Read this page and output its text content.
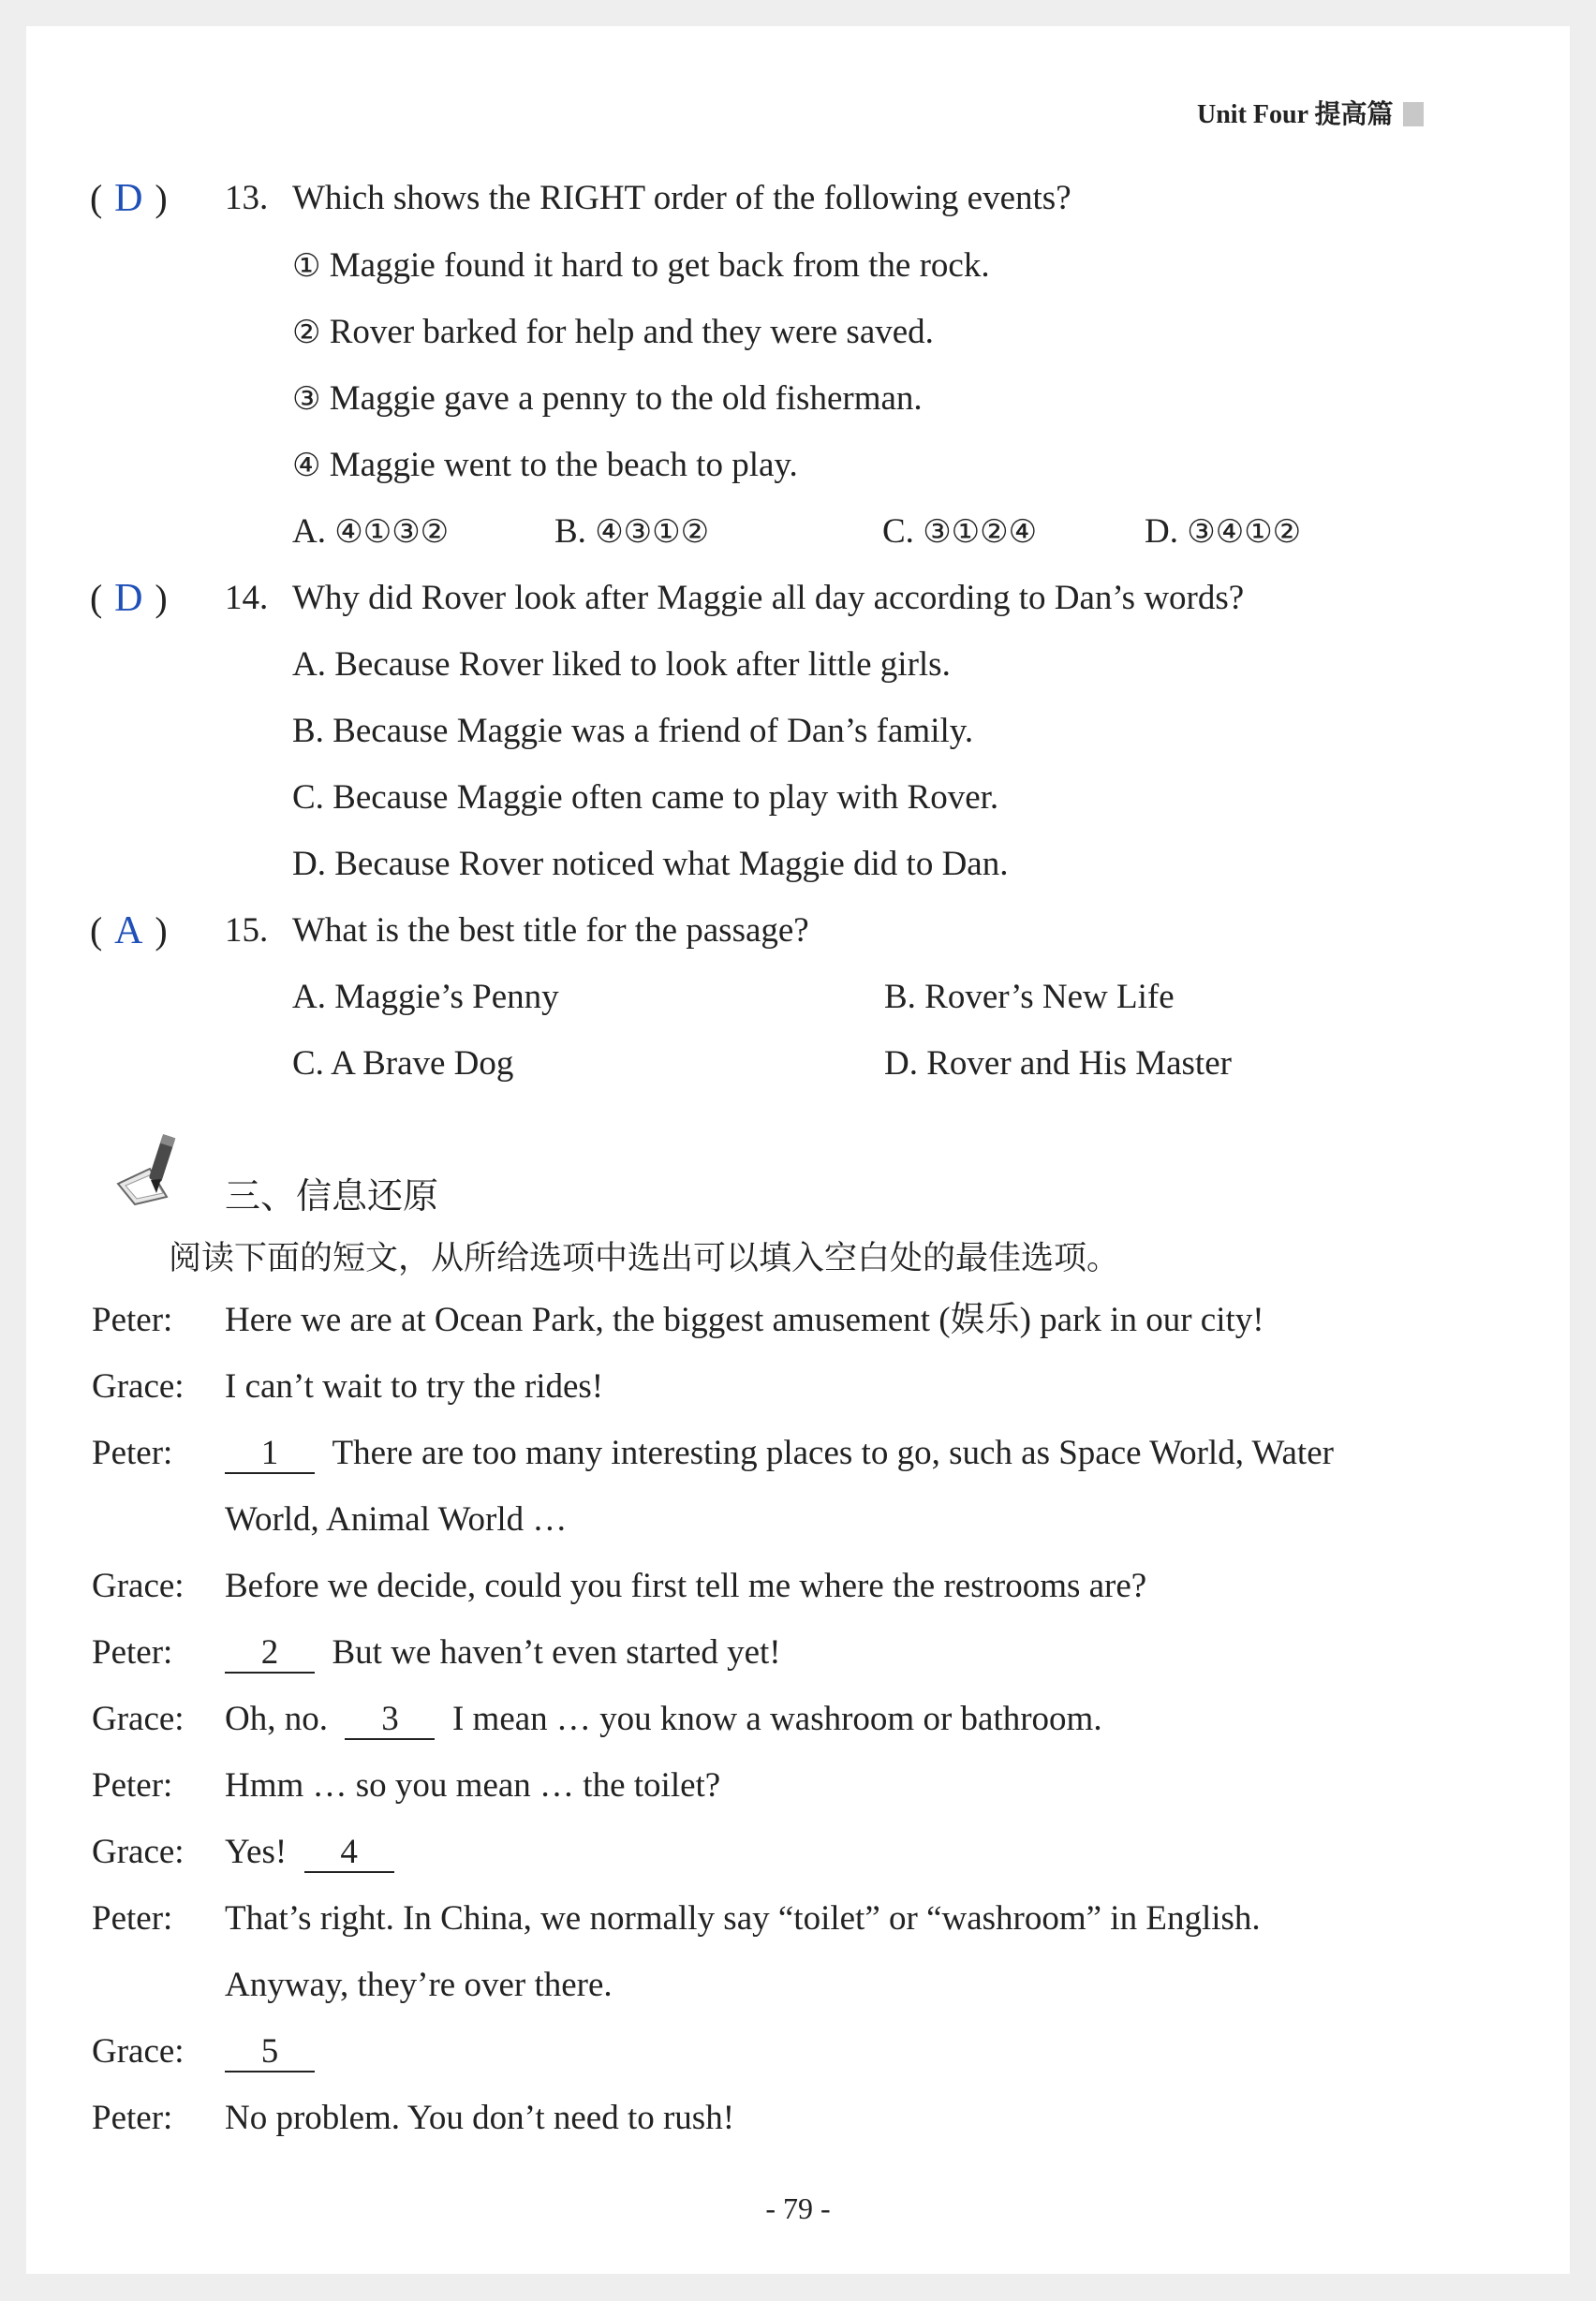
Unit Four 提高篇
( D ) 13. Which shows the RIGHT order of the following events?
① Maggie found it hard to get back from the rock.
② Rover barked for help and they were saved.
③ Maggie gave a penny to the old fisherman.
④ Maggie went to the beach to play.
A. ④①③②	B. ④③①②	C. ③①②④	D. ③④①②
( D ) 14. Why did Rover look after Maggie all day according to Dan’s words?
A. Because Rover liked to look after little girls.
B. Because Maggie was a friend of Dan’s family.
C. Because Maggie often came to play with Rover.
D. Because Rover noticed what Maggie did to Dan.
( A ) 15. What is the best title for the passage?
A. Maggie’s Penny	B. Rover’s New Life
C. A Brave Dog	D. Rover and His Master
三、信息还原
阅读下面的短文，从所给选项中选出可以填入空白处的最佳选项。
Peter: Here we are at Ocean Park, the biggest amusement (娱乐) park in our city!
Grace: I can’t wait to try the rides!
Peter:	1 There are too many interesting places to go, such as Space World, Water
World, Animal World …
Grace: Before we decide, could you first tell me where the restrooms are?
Peter:	2 But we haven’t even started yet!
Grace: Oh, no. 3 I mean … you know a washroom or bathroom.
Peter: Hmm … so you mean … the toilet?
Grace: Yes! 4
Peter: That’s right. In China, we normally say “toilet” or “washroom” in English.
Anyway, they’re over there.
Grace:	5
Peter: No problem. You don’t need to rush!
- 79 -
